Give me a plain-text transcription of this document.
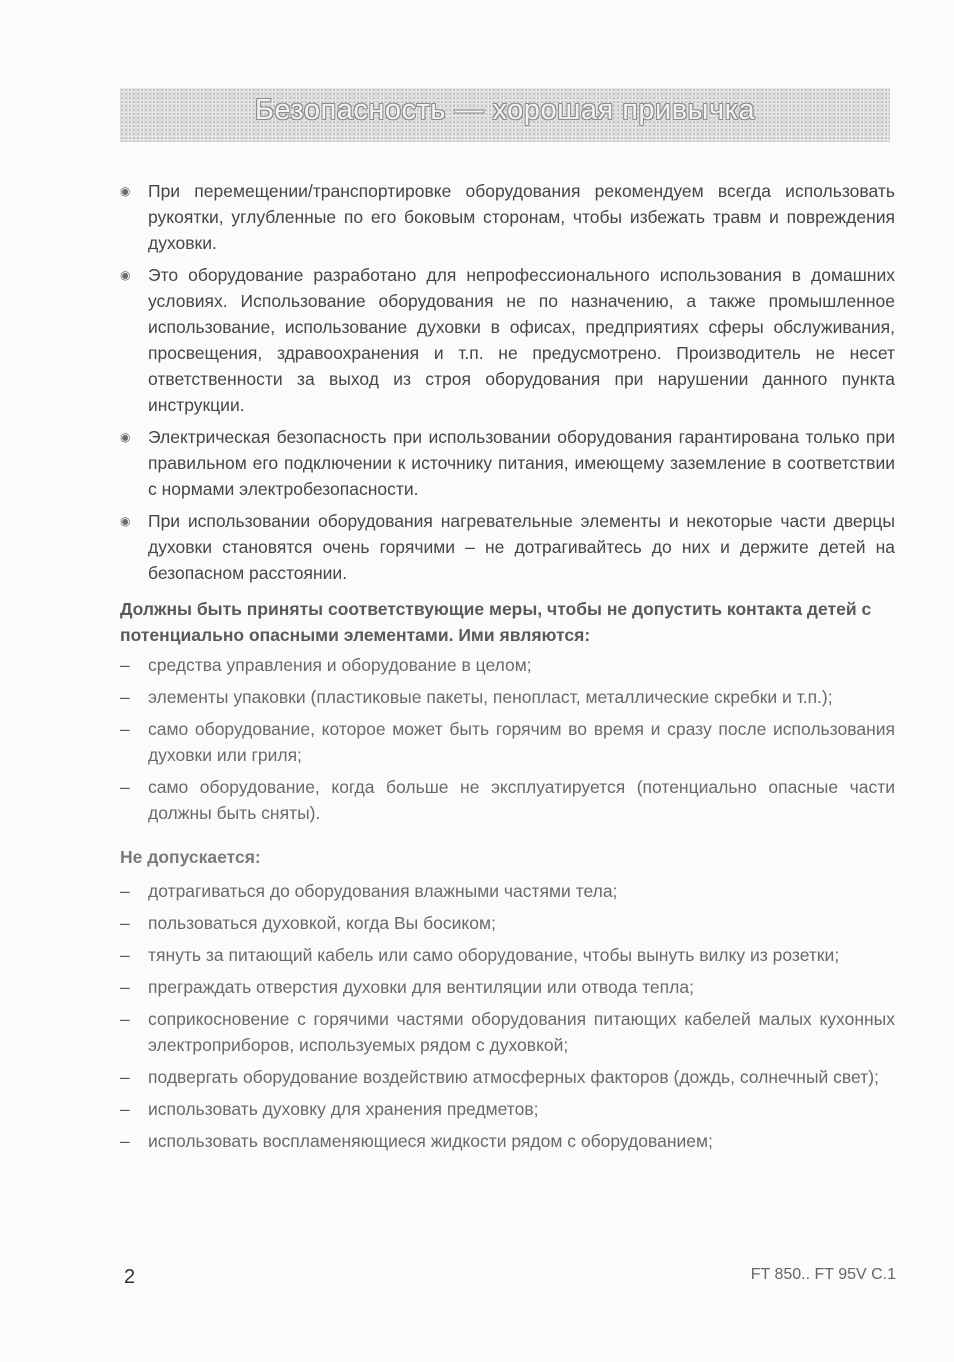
Безопасность — хорошая привычка
◉ При перемещении/транспортировке оборудования рекомендуем всегда использовать рукоятки, углубленные по его боковым сторонам, чтобы избежать травм и повреждения духовки.
◉ Это оборудование разработано для непрофессионального использования в домашних условиях. Использование оборудования не по назначению, а также промышленное использование, использование духовки в офисах, предприятиях сферы обслуживания, просвещения, здравоохранения и т.п. не предусмотрено. Производитель не несет ответственности за выход из строя оборудования при нарушении данного пункта инструкции.
◉ Электрическая безопасность при использовании оборудования гарантирована только при правильном его подключении к источнику питания, имеющему заземление в соответствии с нормами электробезопасности.
◉ При использовании оборудования нагревательные элементы и некоторые части дверцы духовки становятся очень горячими – не дотрагивайтесь до них и держите детей на безопасном расстоянии.
Должны быть приняты соответствующие меры, чтобы не допустить контакта детей с потенциально опасными элементами. Ими являются:
– средства управления и оборудование в целом;
– элементы упаковки (пластиковые пакеты, пенопласт, металлические скребки и т.п.);
– само оборудование, которое может быть горячим во время и сразу после использования духовки или гриля;
– само оборудование, когда больше не эксплуатируется (потенциально опасные части должны быть сняты).
Не допускается:
– дотрагиваться до оборудования влажными частями тела;
– пользоваться духовкой, когда Вы босиком;
– тянуть за питающий кабель или само оборудование, чтобы вынуть вилку из розетки;
– преграждать отверстия духовки для вентиляции или отвода тепла;
– соприкосновение с горячими частями оборудования питающих кабелей малых кухонных электроприборов, используемых рядом с духовкой;
– подвергать оборудование воздействию атмосферных факторов (дождь, солнечный свет);
– использовать духовку для хранения предметов;
– использовать воспламеняющиеся жидкости рядом с оборудованием;
2	FT 850.. FT 95V C.1
